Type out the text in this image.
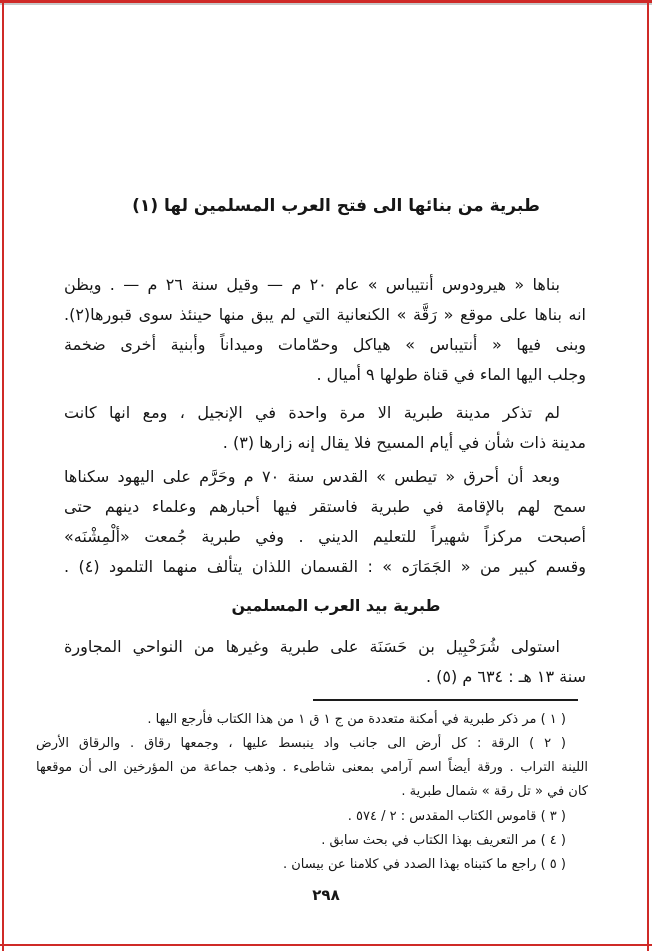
طبرية من بنائها الى فتح العرب المسلمين لها (١)
بناها « هيرودوس أنتيباس » عام ٢٠ م — وقيل سنة ٢٦ م — . ويظن
انه بناها على موقع « رَقَّة » الكنعانية التي لم يبق منها حينئذ سوى قبورها(٢).
وبنى فيها « أنتيباس » هياكل وحمّامات وميداناً وأبنية أخرى ضخمة
وجلب اليها الماء في قناة طولها ٩ أميال .
لم تذكر مدينة طبرية الا مرة واحدة في الإنجيل ، ومع انها كانت
مدينة ذات شأن في أيام المسيح فلا يقال إنه زارها (٣) .
وبعد أن أحرق « تيطس » القدس سنة ٧٠ م وحَرَّم على اليهود سكناها
سمح لهم بالإقامة في طبرية فاستقر فيها أحبارهم وعلماء دينهم حتى
أصبحت مركزاً شهيراً للتعليم الديني . وفي طبرية جُمعت «ألْمِشْنَه»
وقسم كبير من « الجَمَارَه » : القسمان اللذان يتألف منهما التلمود (٤) .
طبرية بيد العرب المسلمين
استولى شُرَحْبِيل بن حَسَنَة على طبرية وغيرها من النواحي المجاورة
سنة ١٣ هـ : ٦٣٤ م (٥) .
( ١ ) مر ذكر طبرية في أمكنة متعددة من ج ١ ق ١ من هذا الكتاب فأرجع اليها .
( ٢ ) الرقة : كل أرض الى جانب واد ينبسط عليها ، وجمعها رقاق . والرقاق الأرض
اللينة التراب . ورقة أيضاً اسم آرامي بمعنى شاطىء . وذهب جماعة من المؤرخين الى أن موقعها
كان في « تل رقة » شمال طبرية .
( ٣ ) قاموس الكتاب المقدس : ٢ / ٥٧٤ .
( ٤ ) مر التعريف بهذا الكتاب في بحث سابق .
( ٥ ) راجع ما كتبناه بهذا الصدد في كلامنا عن بيسان .
٢٩٨
